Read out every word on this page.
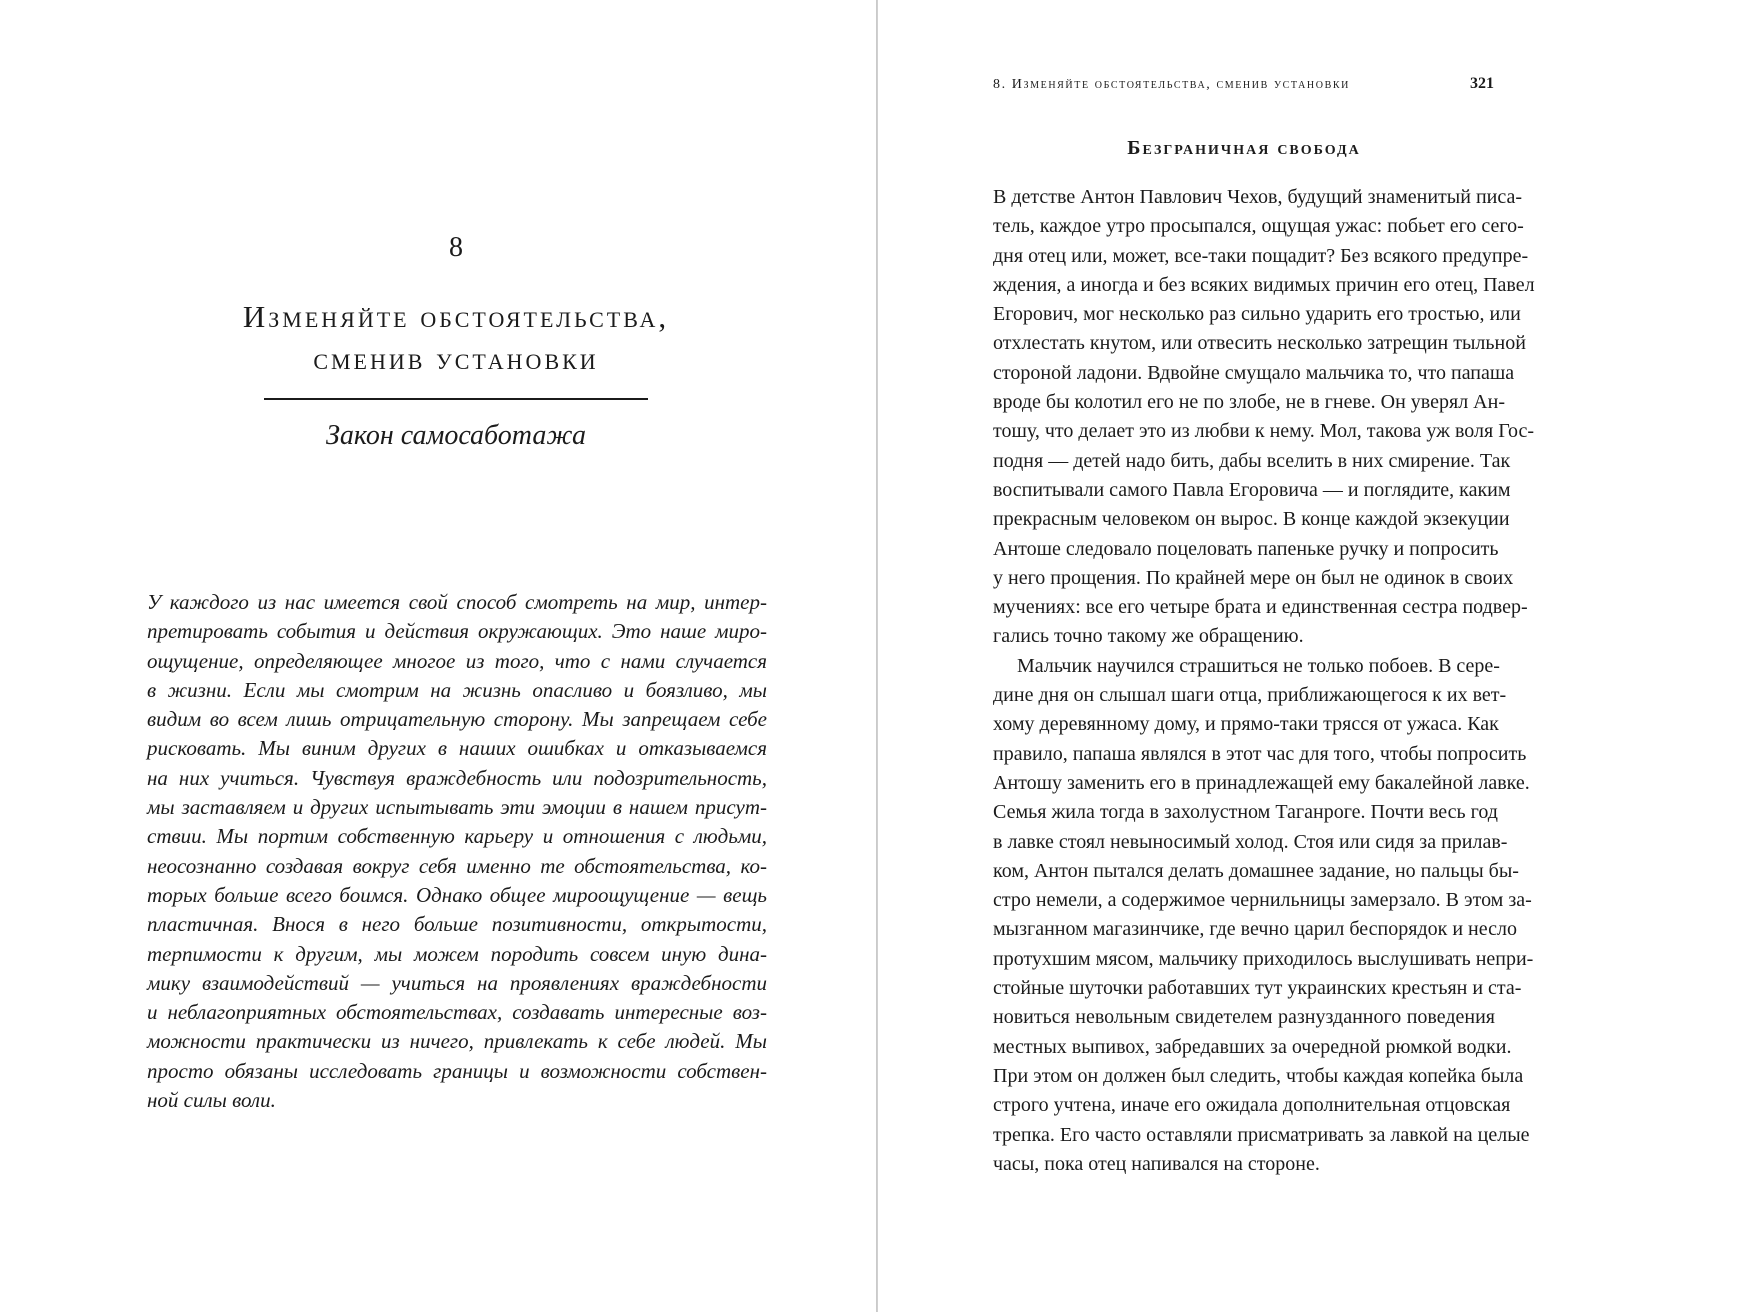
8
Изменяйте обстоятельства,
сменив установки
Закон самосаботажа
У каждого из нас имеется свой способ смотреть на мир, интер-
претировать события и действия окружающих. Это наше миро-
ощущение, определяющее многое из того, что с нами случается
в жизни. Если мы смотрим на жизнь опасливо и боязливо, мы
видим во всем лишь отрицательную сторону. Мы запрещаем себе
рисковать. Мы виним других в наших ошибках и отказываемся
на них учиться. Чувствуя враждебность или подозрительность,
мы заставляем и других испытывать эти эмоции в нашем присут-
ствии. Мы портим собственную карьеру и отношения с людьми,
неосознанно создавая вокруг себя именно те обстоятельства, ко-
торых больше всего боимся. Однако общее мироощущение — вещь
пластичная. Внося в него больше позитивности, открытости,
терпимости к другим, мы можем породить совсем иную дина-
мику взаимодействий — учиться на проявлениях враждебности
и неблагоприятных обстоятельствах, создавать интересные воз-
можности практически из ничего, привлекать к себе людей. Мы
просто обязаны исследовать границы и возможности собствен-
ной силы воли.
8. Изменяйте обстоятельства, сменив установки	321
Безграничная свобода
В детстве Антон Павлович Чехов, будущий знаменитый писа-
тель, каждое утро просыпался, ощущая ужас: побьет его сего-
дня отец или, может, все-таки пощадит? Без всякого предупре-
ждения, а иногда и без всяких видимых причин его отец, Павел
Егорович, мог несколько раз сильно ударить его тростью, или
отхлестать кнутом, или отвесить несколько затрещин тыльной
стороной ладони. Вдвойне смущало мальчика то, что папаша
вроде бы колотил его не по злобе, не в гневе. Он уверял Ан-
тошу, что делает это из любви к нему. Мол, такова уж воля Гос-
подня — детей надо бить, дабы вселить в них смирение. Так
воспитывали самого Павла Егоровича — и поглядите, каким
прекрасным человеком он вырос. В конце каждой экзекуции
Антоше следовало поцеловать папеньке ручку и попросить
у него прощения. По крайней мере он был не одинок в своих
мучениях: все его четыре брата и единственная сестра подвер-
гались точно такому же обращению.
Мальчик научился страшиться не только побоев. В сере-
дине дня он слышал шаги отца, приближающегося к их вет-
хому деревянному дому, и прямо-таки трясся от ужаса. Как
правило, папаша являлся в этот час для того, чтобы попросить
Антошу заменить его в принадлежащей ему бакалейной лавке.
Семья жила тогда в захолустном Таганроге. Почти весь год
в лавке стоял невыносимый холод. Стоя или сидя за прилав-
ком, Антон пытался делать домашнее задание, но пальцы бы-
стро немели, а содержимое чернильницы замерзало. В этом за-
мызганном магазинчике, где вечно царил беспорядок и несло
протухшим мясом, мальчику приходилось выслушивать непри-
стойные шуточки работавших тут украинских крестьян и ста-
новиться невольным свидетелем разнузданного поведения
местных выпивох, забредавших за очередной рюмкой водки.
При этом он должен был следить, чтобы каждая копейка была
строго учтена, иначе его ожидала дополнительная отцовская
трепка. Его часто оставляли присматривать за лавкой на целые
часы, пока отец напивался на стороне.
